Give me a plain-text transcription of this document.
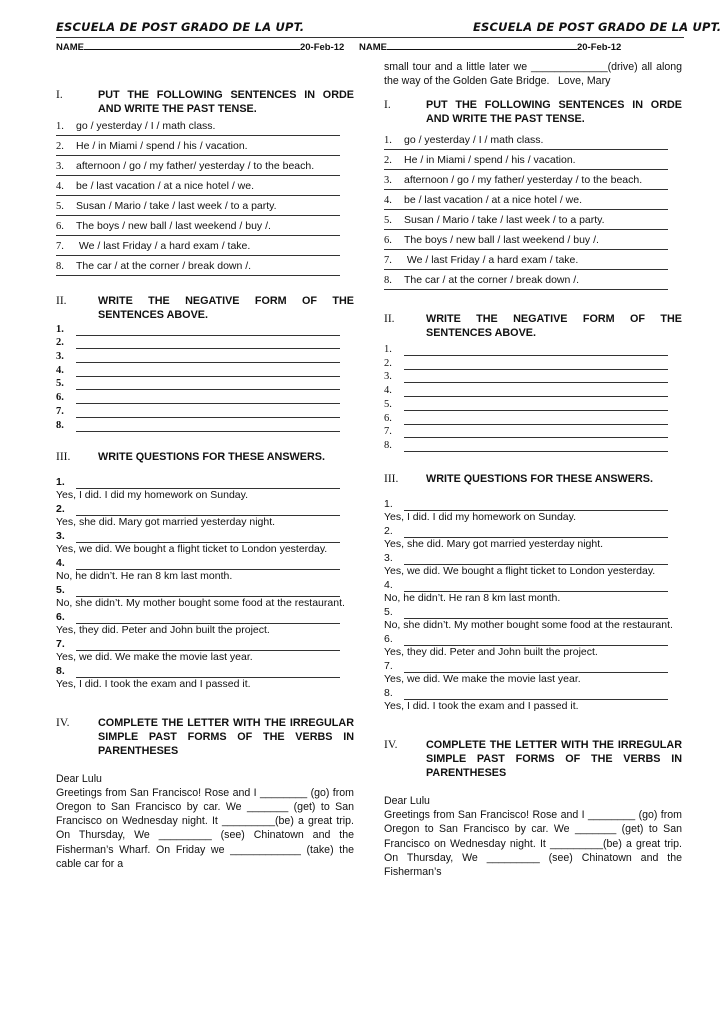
ESCUELA DE POST GRADO DE LA UPT.	ESCUELA DE POST GRADO DE LA UPT.
NAME	20-Feb-12 NAME	20-Feb-12
I.	PUT THE FOLLOWING SENTENCES IN ORDE AND WRITE THE PAST TENSE.
1. go / yesterday / I / math class.
2. He / in Miami / spend / his / vacation.
3. afternoon / go / my father/ yesterday / to the beach.
4. be / last vacation / at a nice hotel / we.
5. Susan / Mario / take / last week / to a party.
6. The boys / new ball / last weekend / buy /.
7. We / last Friday / a hard exam / take.
8. The car / at the corner / break down /.
II.	WRITE THE NEGATIVE FORM OF THE SENTENCES ABOVE.
1.
2.
3.
4.
5.
6.
7.
8.
III.	WRITE QUESTIONS FOR THESE ANSWERS.
1.
Yes, I did. I did my homework on Sunday.
2.
Yes, she did. Mary got married yesterday night.
3.
Yes, we did. We bought a flight ticket to London yesterday.
4.
No, he didn’t. He ran 8 km last month.
5.
No, she didn’t. My mother bought some food at the restaurant.
6.
Yes, they did. Peter and John built the project.
7.
Yes, we did. We make the movie last year.
8.
Yes, I did. I took the exam and I passed it.
IV.	COMPLETE THE LETTER WITH THE IRREGULAR SIMPLE PAST FORMS OF THE VERBS IN PARENTHESES
Dear Lulu
Greetings from San Francisco! Rose and I ________ (go) from Oregon to San Francisco by car. We _______ (get) to San Francisco on Wednesday night. It _________(be) a great trip. On Thursday, We _________ (see) Chinatown and the Fisherman’s Wharf. On Friday we ____________ (take) the cable car for a
small tour and a little later we _____________(drive) all along the way of the Golden Gate Bridge. Love, Mary
I.	PUT THE FOLLOWING SENTENCES IN ORDE AND WRITE THE PAST TENSE.
1. go / yesterday / I / math class.
2. He / in Miami / spend / his / vacation.
3. afternoon / go / my father/ yesterday / to the beach.
4. be / last vacation / at a nice hotel / we.
5. Susan / Mario / take / last week / to a party.
6. The boys / new ball / last weekend / buy /.
7. We / last Friday / a hard exam / take.
8. The car / at the corner / break down /.
II.	WRITE THE NEGATIVE FORM OF THE SENTENCES ABOVE.
1.
2.
3.
4.
5.
6.
7.
8.
III.	WRITE QUESTIONS FOR THESE ANSWERS.
1.
Yes, I did. I did my homework on Sunday.
2.
Yes, she did. Mary got married yesterday night.
3.
Yes, we did. We bought a flight ticket to London yesterday.
4.
No, he didn’t. He ran 8 km last month.
5.
No, she didn’t. My mother bought some food at the restaurant.
6.
Yes, they did. Peter and John built the project.
7.
Yes, we did. We make the movie last year.
8.
Yes, I did. I took the exam and I passed it.
IV.	COMPLETE THE LETTER WITH THE IRREGULAR SIMPLE PAST FORMS OF THE VERBS IN PARENTHESES
Dear Lulu
Greetings from San Francisco! Rose and I ________ (go) from Oregon to San Francisco by car. We _______ (get) to San Francisco on Wednesday night. It _________(be) a great trip. On Thursday, We _________ (see) Chinatown and the Fisherman’s
